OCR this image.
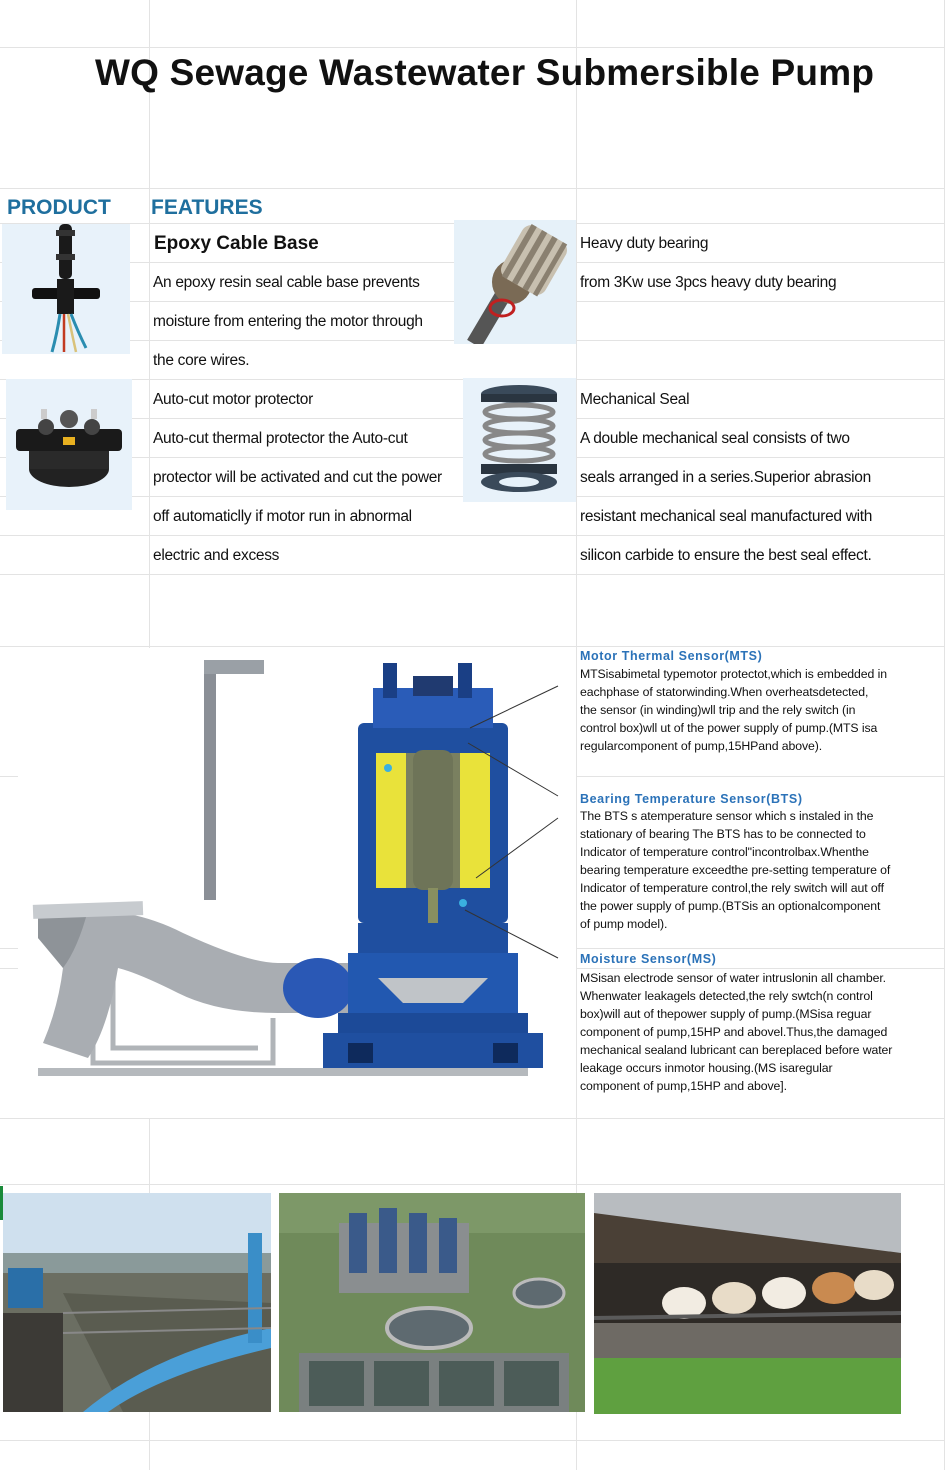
WQ Sewage Wastewater Submersible Pump
PRODUCT FEATURES
Epoxy Cable Base
An epoxy resin seal cable base prevents
moisture from entering the motor through
the core wires.
Heavy duty bearing
from 3Kw use 3pcs heavy duty bearing
Auto-cut motor protector
Auto-cut thermal protector the Auto-cut
protector will be activated and cut the power
off automaticlly if motor run in abnormal
electric and excess
Mechanical Seal
A double mechanical seal consists of two
seals arranged in a series.Superior abrasion
resistant mechanical seal manufactured with
silicon carbide to ensure the best seal effect.
Motor Thermal Sensor(MTS)
MTSisabimetal typemotor protectot,which is embedded in
eachphase of statorwinding.When overheatsdetected,
the sensor (in winding)wll trip and the rely switch (in
control box)wll ut of the power supply of pump.(MTS isa
regularcomponent of pump,15HPand above).
Bearing Temperature Sensor(BTS)
The BTS s atemperature sensor which s instaled in the
stationary of bearing The BTS has to be connected to
Indicator of temperature control"incontrolbax.Whenthe
bearing temperature exceedthe pre-setting temperature of
Indicator of temperature control,the rely switch will aut off
the power supply of pump.(BTSis an optionalcomponent
of pump model).
Moisture Sensor(MS)
MSisan electrode sensor of water intruslonin all chamber.
Whenwater leakagels detected,the rely swtch(n control
box)will aut of thepower supply of pump.(MSisa reguar
component of pump,15HP and abovel.Thus,the damaged
mechanical sealand lubricant can bereplaced before water
leakage occurs inmotor housing.(MS isaregular
component of pump,15HP and above].
